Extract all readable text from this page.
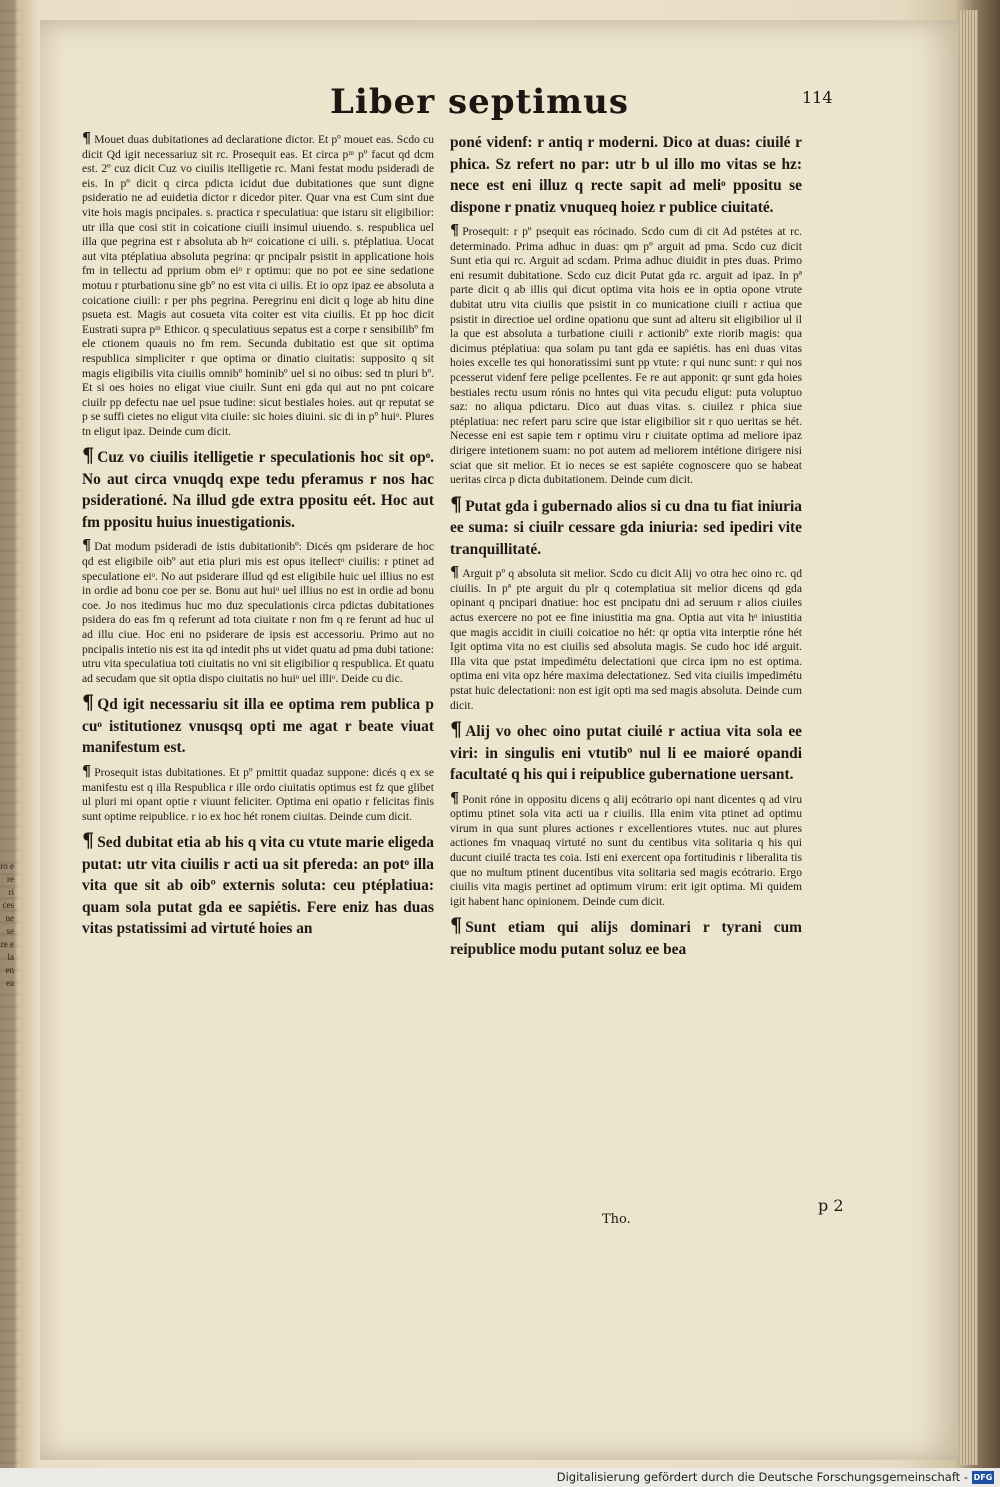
ro e re ri ces ne se re e la en ea
Liber septimus	114

¶ Mouet duas dubitationes ad declaratione dictor. Et pº mouet eas. Scdo cu dicit Qd igit necessariuz sit rc. Prosequit eas. Et circa pᵐ pº facut qd dcm est. 2º cuz dicit Cuz vo ciuilis itelligetie rc. Mani festat modu psideradi de eis. In pº dicit q circa pdicta icidut due dubitationes que sunt digne psideratio ne ad euidetia dictor r dicedor piter. Quar vna est Cum sint due vite hois magis pncipales. s. practica r speculatiua: que istaru sit eligibilior: utr illa que cosi stit in coicatione ciuili insimul uiuendo. s. respublica uel illa que pegrina est r absoluta ab hᵒʳ coicatione ci uili. s. ptéplatiua. Uocat aut vita ptéplatiua absoluta pegrina: qr pncipalr psistit in applicatione hois fm in tellectu ad pprium obm eiᵒ r optimu: que no pot ee sine sedatione motuu r pturbationu sine gbº no est vita ci uilis. Et io opz ipaz ee absoluta a coicatione ciuili: r per phs pegrina. Peregrinu eni dicit q loge ab hitu dine psueta est. Magis aut cosueta vita coiter est vita ciuilis. Et pp hoc dicit Eustrati supra pᵐ Ethicor. q speculatiuus sepatus est a corpe r sensibilibº fm ele ctionem quauis no fm rem. Secunda dubitatio est que sit optima respublica simpliciter r que optima or dinatio ciuitatis: supposito q sit magis eligibilis vita ciuilis omnibº hominibº uel si no oibus: sed tn pluri bº. Et si oes hoies no eligat viue ciuilr. Sunt eni gda qui aut no pnt coicare ciuilr pp defectu nae uel psue tudine: sicut bestiales hoies. aut qr reputat se p se suffi cietes no eligut vita ciuile: sic hoies diuini. sic di in pº huiᵒ. Plures tn eligut ipaz. Deinde cum dicit.

¶ Cuz vo ciuilis itelligetie r speculationis hoc sit opᵒ. No aut circa vnuqdq expe tedu pferamus r nos hac psiderationé. Na illud gde extra ppositu eét. Hoc aut fm ppositu huius inuestigationis.

¶ Dat modum psideradi de istis dubitationibº: Dicés qm psiderare de hoc qd est eligibile oibº aut etia pluri mis est opus itellectᵒ ciuilis: r ptinet ad speculatione eiᵒ. No aut psiderare illud qd est eligibile huic uel illius no est in ordie ad bonu coe per se. Bonu aut huiᵒ uel illius no est in ordie ad bonu coe. Jo nos itedimus huc mo duz speculationis circa pdictas dubitationes psidera do eas fm q referunt ad tota ciuitate r non fm q re ferunt ad huc ul ad illu ciue. Hoc eni no psiderare de ipsis est accessoriu. Primo aut no pncipalis intetio nis est ita qd intedit phs ut videt quatu ad pma dubi tatione: utru vita speculatiua toti ciuitatis no vni sit eligibilior q respublica. Et quatu ad secudam que sit optia dispo ciuitatis no huiᵒ uel illiᵒ. Deide cu dic.

¶ Qd igit necessariu sit illa ee optima rem publica p cuᵒ istitutionez vnusqsq opti me agat r beate viuat manifestum est.

¶ Prosequit istas dubitationes. Et pº pmittit quadaz suppone: dicés q ex se manifestu est q illa Respublica r ille ordo ciuitatis optimus est fz que glibet ul pluri mi opant optie r viuunt feliciter. Optima eni opatio r felicitas finis sunt optime reipublice. r io ex hoc hét ronem ciuitas. Deinde cum dicit.

¶ Sed dubitat etia ab his q vita cu vtute marie eligeda putat: utr vita ciuilis r acti ua sit pfereda: an potᵒ illa vita que sit ab oibº externis soluta: ceu ptéplatiua: quam sola putat gda ee sapiétis. Fere eniz has duas vitas pstatissimi ad virtuté hoies an

poné videnf: r antiq r moderni. Dico at duas: ciuilé r phica. Sz refert no par: utr b ul illo mo vitas se hz: nece est eni illuz q recte sapit ad meliᵒ ppositu se dispone r pnatiz vnuqueq hoiez r publice ciuitaté.

¶ Prosequit: r pº psequit eas rócinado. Scdo cum di cit Ad pstétes at rc. determinado. Prima adhuc in duas: qm pº arguit ad pma. Scdo cuz dicit Sunt etia qui rc. Arguit ad scdam. Prima adhuc diuidit in ptes duas. Primo eni resumit dubitatione. Scdo cuz dicit Putat gda rc. arguit ad ipaz. In pª parte dicit q ab illis qui dicut optima vita hois ee in optia opone vtrute dubitat utru vita ciuilis que psistit in co municatione ciuili r actiua que psistit in directioe uel ordine opationu que sunt ad alteru sit eligibilior ul il la que est absoluta a turbatione ciuili r actionibº exte riorib magis: qua dicimus ptéplatiua: qua solam pu tant gda ee sapiétis. has eni duas vitas hoies excelle tes qui honoratissimi sunt pp vtute: r qui nunc sunt: r qui nos pcesserut videnf fere pelige pcellentes. Fe re aut apponit: qr sunt gda hoies bestiales rectu usum rónis no hntes qui vita pecudu eligut: puta voluptuo saz: no aliqua pdictaru. Dico aut duas vitas. s. ciuilez r phica siue ptéplatiua: nec refert paru scire que istar eligibilior sit r quo ueritas se hét. Necesse eni est sapie tem r optimu viru r ciuitate optima ad meliore ipaz dirigere intetionem suam: no pot autem ad meliorem intétione dirigere nisi sciat que sit melior. Et io neces se est sapiéte cognoscere quo se habeat ueritas circa p dicta dubitationem. Deinde cum dicit.

¶ Putat gda i gubernado alios si cu dna tu fiat iniuria ee suma: si ciuilr cessare gda iniuria: sed ipediri vite tranquillitaté.

¶ Arguit pº q absoluta sit melior. Scdo cu dicit Alij vo otra hec oino rc. qd ciuilis. In pª pte arguit du plr q cotemplatiua sit melior dicens qd gda opinant q pncipari dnatiue: hoc est pncipatu dni ad seruum r alios ciuiles actus exercere no pot ee fine iniustitia ma gna. Optia aut vita hᵒ iniustitia que magis accidit in ciuili coicatioe no hét: qr optia vita interptie róne hét Igit optima vita no est ciuilis sed absoluta magis. Se cudo hoc idé arguit. Illa vita que pstat impedimétu delectationi que circa ipm no est optima. optima eni vita opz hére maxima delectationez. Sed vita ciuilis impedimétu pstat huic delectationi: non est igit opti ma sed magis absoluta. Deinde cum dicit.

¶ Alij vo ohec oino putat ciuilé r actiua vita sola ee viri: in singulis eni vtutibº nul li ee maioré opandi facultaté q his qui i reipublice gubernatione uersant.

¶ Ponit róne in oppositu dicens q alij ecótrario opi nant dicentes q ad viru optimu ptinet sola vita acti ua r ciuilis. Illa enim vita ptinet ad optimu virum in qua sunt plures actiones r excellentiores vtutes. nuc aut plures actiones fm vnaquaq virtuté no sunt du centibus vita solitaria q his qui ducunt ciuilé tracta tes coia. Isti eni exercent opa fortitudinis r liberalita tis que no multum ptinent ducentibus vita solitaria sed magis ecótrario. Ergo ciuilis vita magis pertinet ad optimum virum: erit igit optima. Mi quidem igit habent hanc opinionem. Deinde cum dicit.

¶ Sunt etiam qui alijs dominari r tyrani cum reipublice modu putant soluz ee bea

p 2
Tho.
Digitalisierung gefördert durch die Deutsche Forschungsgemeinschaft - DFG
